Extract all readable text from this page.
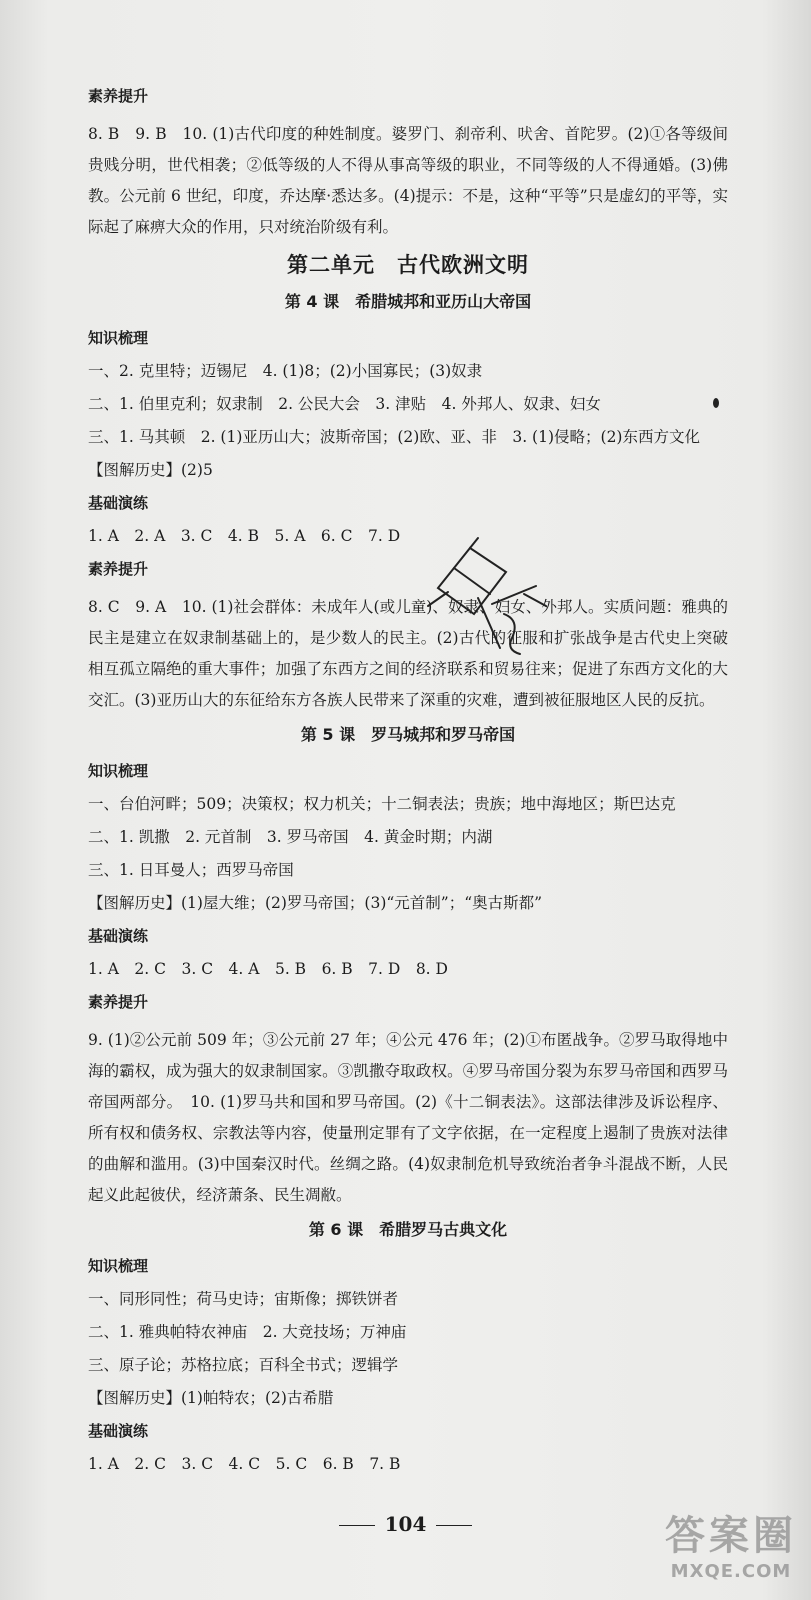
素养提升
8. B　9. B　10. (1)古代印度的种姓制度。婆罗门、刹帝利、吠舍、首陀罗。(2)①各等级间贵贱分明，世代相袭；②低等级的人不得从事高等级的职业，不同等级的人不得通婚。(3)佛教。公元前 6 世纪，印度，乔达摩·悉达多。(4)提示：不是，这种“平等”只是虚幻的平等，实际起了麻痹大众的作用，只对统治阶级有利。
第二单元　古代欧洲文明
第 4 课　希腊城邦和亚历山大帝国
知识梳理
一、2. 克里特；迈锡尼　4. (1)8；(2)小国寡民；(3)奴隶
二、1. 伯里克利；奴隶制　2. 公民大会　3. 津贴　4. 外邦人、奴隶、妇女
三、1. 马其顿　2. (1)亚历山大；波斯帝国；(2)欧、亚、非　3. (1)侵略；(2)东西方文化
【图解历史】(2)5
基础演练
1. A　2. A　3. C　4. B　5. A　6. C　7. D
素养提升
8. C　9. A　10. (1)社会群体：未成年人(或儿童)、奴隶、妇女、外邦人。实质问题：雅典的民主是建立在奴隶制基础上的，是少数人的民主。(2)古代的征服和扩张战争是古代史上突破相互孤立隔绝的重大事件；加强了东西方之间的经济联系和贸易往来；促进了东西方文化的大交汇。(3)亚历山大的东征给东方各族人民带来了深重的灾难，遭到被征服地区人民的反抗。
第 5 课　罗马城邦和罗马帝国
知识梳理
一、台伯河畔；509；决策权；权力机关；十二铜表法；贵族；地中海地区；斯巴达克
二、1. 凯撒　2. 元首制　3. 罗马帝国　4. 黄金时期；内湖
三、1. 日耳曼人；西罗马帝国
【图解历史】(1)屋大维；(2)罗马帝国；(3)“元首制”；“奥古斯都”
基础演练
1. A　2. C　3. C　4. A　5. B　6. B　7. D　8. D
素养提升
9. (1)②公元前 509 年；③公元前 27 年；④公元 476 年；(2)①布匿战争。②罗马取得地中海的霸权，成为强大的奴隶制国家。③凯撒夺取政权。④罗马帝国分裂为东罗马帝国和西罗马帝国两部分。　10. (1)罗马共和国和罗马帝国。(2)《十二铜表法》。这部法律涉及诉讼程序、所有权和债务权、宗教法等内容，使量刑定罪有了文字依据，在一定程度上遏制了贵族对法律的曲解和滥用。(3)中国秦汉时代。丝绸之路。(4)奴隶制危机导致统治者争斗混战不断，人民起义此起彼伏，经济萧条、民生凋敝。
第 6 课　希腊罗马古典文化
知识梳理
一、同形同性；荷马史诗；宙斯像；掷铁饼者
二、1. 雅典帕特农神庙　2. 大竞技场；万神庙
三、原子论；苏格拉底；百科全书式；逻辑学
【图解历史】(1)帕特农；(2)古希腊
基础演练
1. A　2. C　3. C　4. C　5. C　6. B　7. B
104	答案圈
MXQE.COM
